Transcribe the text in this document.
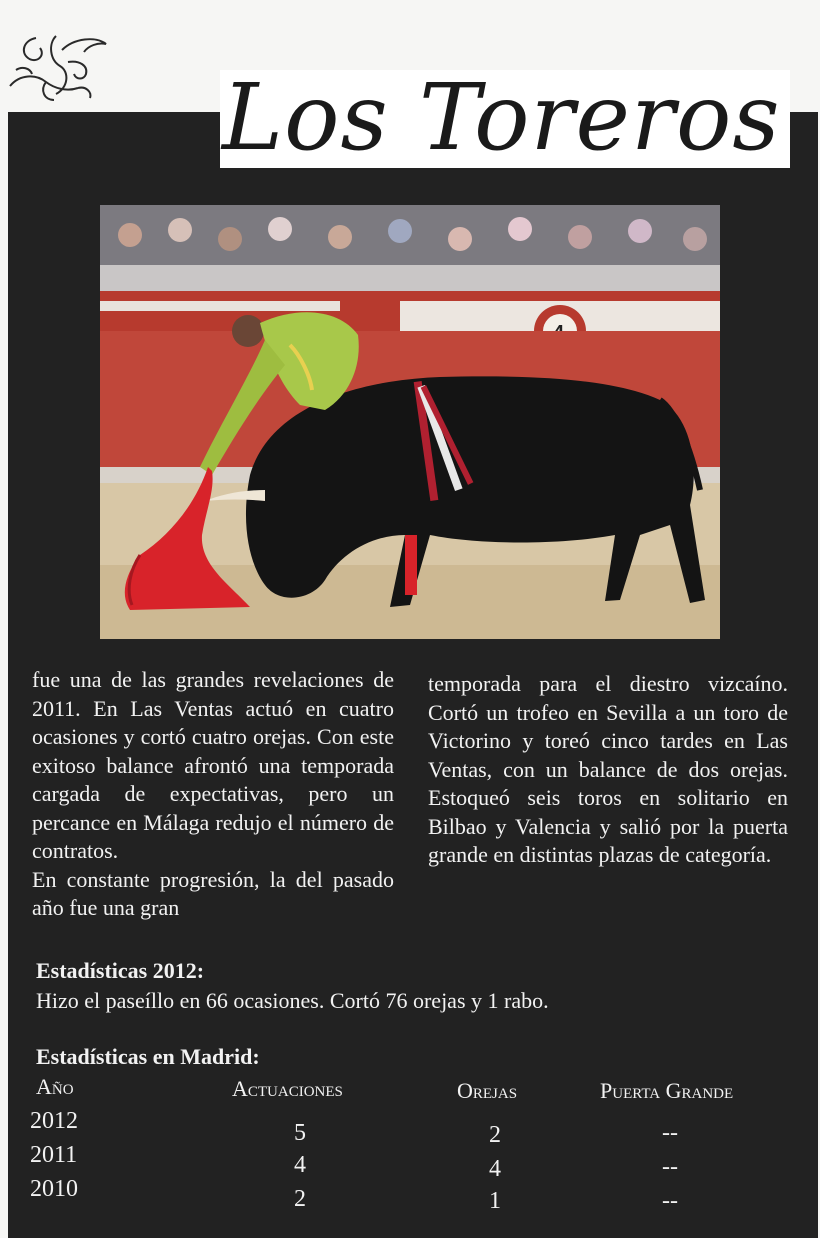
Los Toreros

fue una de las grandes revelaciones de 2011. En Las Ventas actuó en cuatro ocasiones y cortó cuatro orejas. Con este exitoso balance afrontó una temporada cargada de expectativas, pero un percance en Málaga redujo el número de contratos.

En constante progresión, la del pasado año fue una gran

temporada para el diestro vizcaíno. Cortó un trofeo en Sevilla a un toro de Victorino y toreó cinco tardes en Las Ventas, con un balance de dos orejas. Estoqueó seis toros en solitario en Bilbao y Valencia y salió por la puerta grande en distintas plazas de categoría.

Estadísticas 2012:

Hizo el paseíllo en 66 ocasiones. Cortó 76 orejas y 1 rabo.

Estadísticas en Madrid:
Año	Actuaciones	Orejas	Puerta Grande
2012	5	2	--
2011	4	4	--
2010	2	1	--
